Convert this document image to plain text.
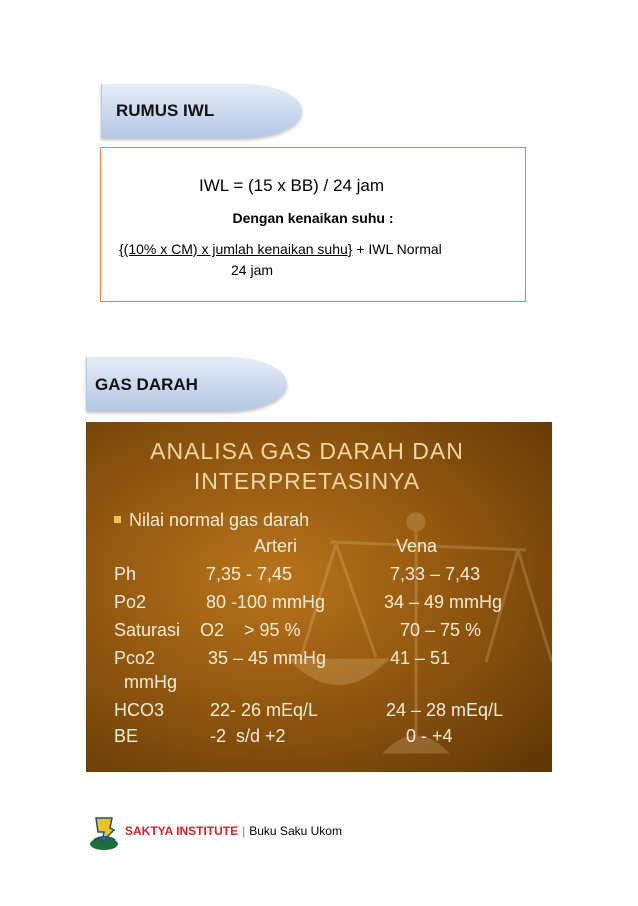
RUMUS IWL
IWL = (15 x BB) / 24 jam
Dengan kenaikan suhu :
{(10% x CM) x jumlah kenaikan suhu} + IWL Normal
24 jam
GAS DARAH
ANALISA GAS DARAH DAN
INTERPRETASINYA
Nilai normal gas darah
Arteri	Vena
Ph	7,35 - 7,45	7,33 – 7,43
Po2	80 -100 mmHg	34 – 49 mmHg
Saturasi O2    > 95 %	70 – 75 %
Pco2	35 – 45 mmHg	41 – 51
mmHg
HCO3	22- 26 mEq/L	24 – 28 mEq/L
BE	-2  s/d +2	0 - +4
SAKTYA INSTITUTE | Buku Saku Ukom
